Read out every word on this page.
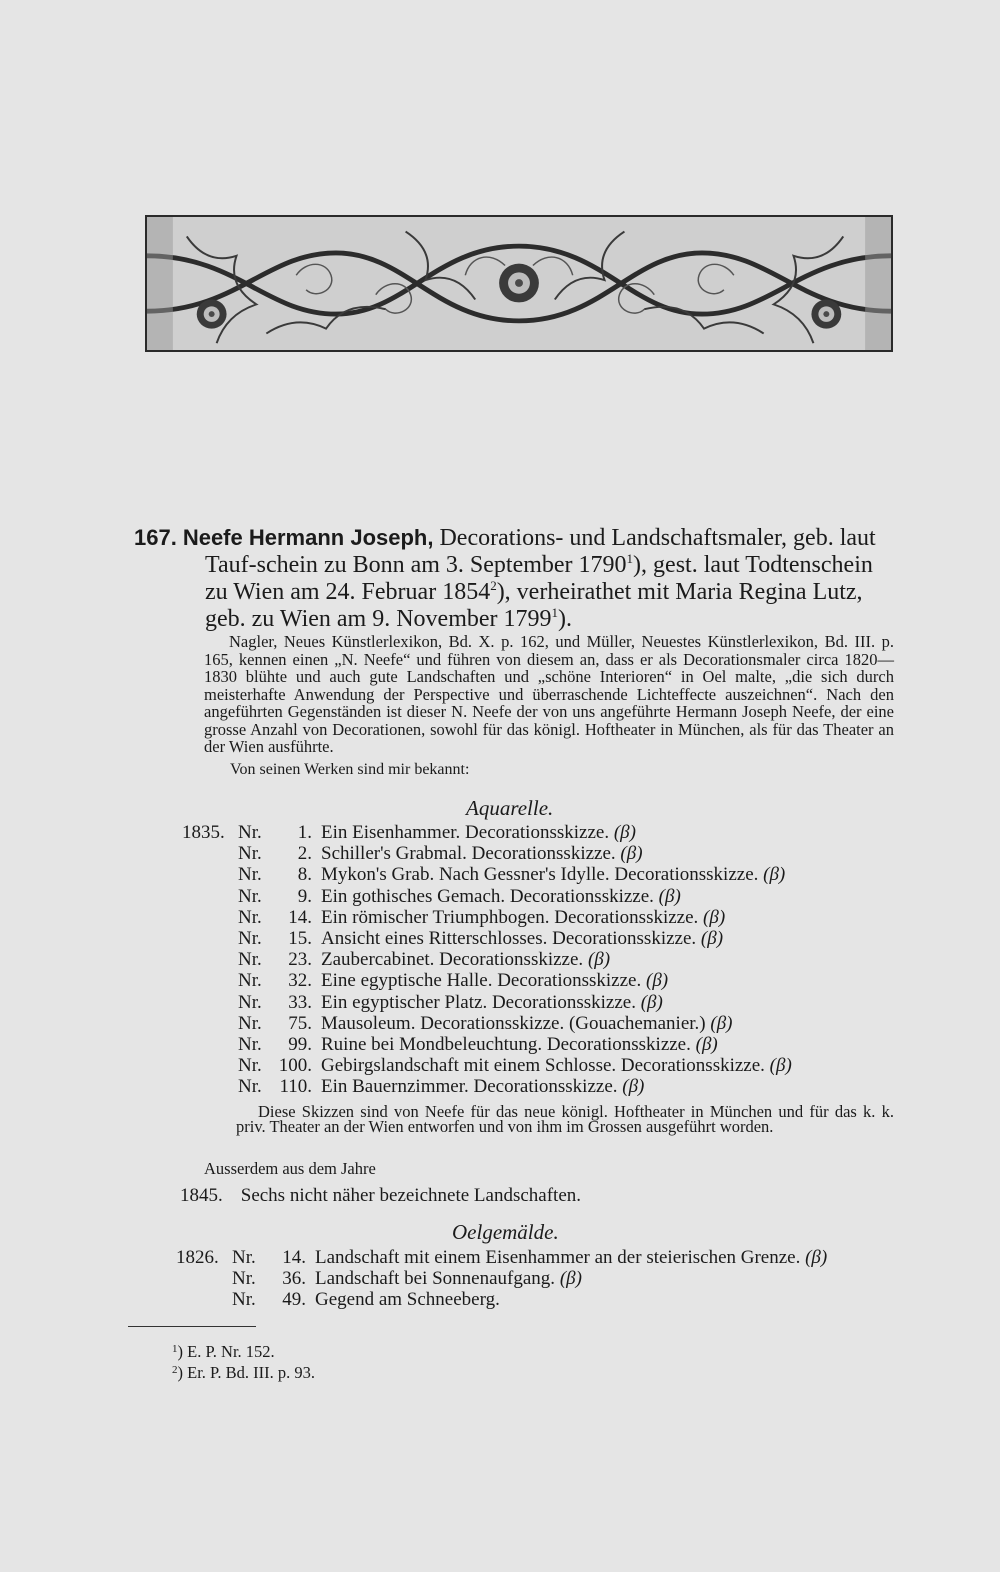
167. Neefe Hermann Joseph, Decorations- und Landschaftsmaler, geb. laut Tauf-schein zu Bonn am 3. September 1790$^1$), gest. laut Todtenschein zu Wien am 24. Februar 1854$^2$), verheirathet mit Maria Regina Lutz, geb. zu Wien am 9. November 1799$^1$).

Nagler, Neues Künstlerlexikon, Bd. X. p. 162, und Müller, Neuestes Künstlerlexikon, Bd. III. p. 165, kennen einen „N. Neefe“ und führen von diesem an, dass er als Decorationsmaler circa 1820—1830 blühte und auch gute Landschaften und „schöne Interioren“ in Oel malte, „die sich durch meisterhafte Anwendung der Perspective und überraschende Lichteffecte auszeichnen“. Nach den angeführten Gegenständen ist dieser N. Neefe der von uns angeführte Hermann Joseph Neefe, der eine grosse Anzahl von Decorationen, sowohl für das königl. Hoftheater in München, als für das Theater an der Wien ausführte.

Von seinen Werken sind mir bekannt:
Aquarelle.
1835. Nr.	1. Ein Eisenhammer. Decorationsskizze. (β)
Nr.	2. Schiller's Grabmal. Decorationsskizze. (β)
Nr.	8. Mykon's Grab. Nach Gessner's Idylle. Decorationsskizze. (β)
Nr.	9. Ein gothisches Gemach. Decorationsskizze. (β)
Nr.	14. Ein römischer Triumphbogen. Decorationsskizze. (β)
Nr.	15. Ansicht eines Ritterschlosses. Decorationsskizze. (β)
Nr.	23. Zaubercabinet. Decorationsskizze. (β)
Nr.	32. Eine egyptische Halle. Decorationsskizze. (β)
Nr.	33. Ein egyptischer Platz. Decorationsskizze. (β)
Nr.	75. Mausoleum. Decorationsskizze. (Gouachemanier.) (β)
Nr.	99. Ruine bei Mondbeleuchtung. Decorationsskizze. (β)
Nr. 100. Gebirgslandschaft mit einem Schlosse. Decorationsskizze. (β)
Nr. 110. Ein Bauernzimmer. Decorationsskizze. (β)

Diese Skizzen sind von Neefe für das neue königl. Hoftheater in München und für das k. k. priv. Theater an der Wien entworfen und von ihm im Grossen ausgeführt worden.

Ausserdem aus dem Jahre
1845. Sechs nicht näher bezeichnete Landschaften.
Oelgemälde.
1826. Nr.	14. Landschaft mit einem Eisenhammer an der steierischen Grenze. (β)
Nr.	36. Landschaft bei Sonnenaufgang. (β)
Nr.	49. Gegend am Schneeberg.
$^1$) E. P. Nr. 152.
$^2$) Er. P. Bd. III. p. 93.
